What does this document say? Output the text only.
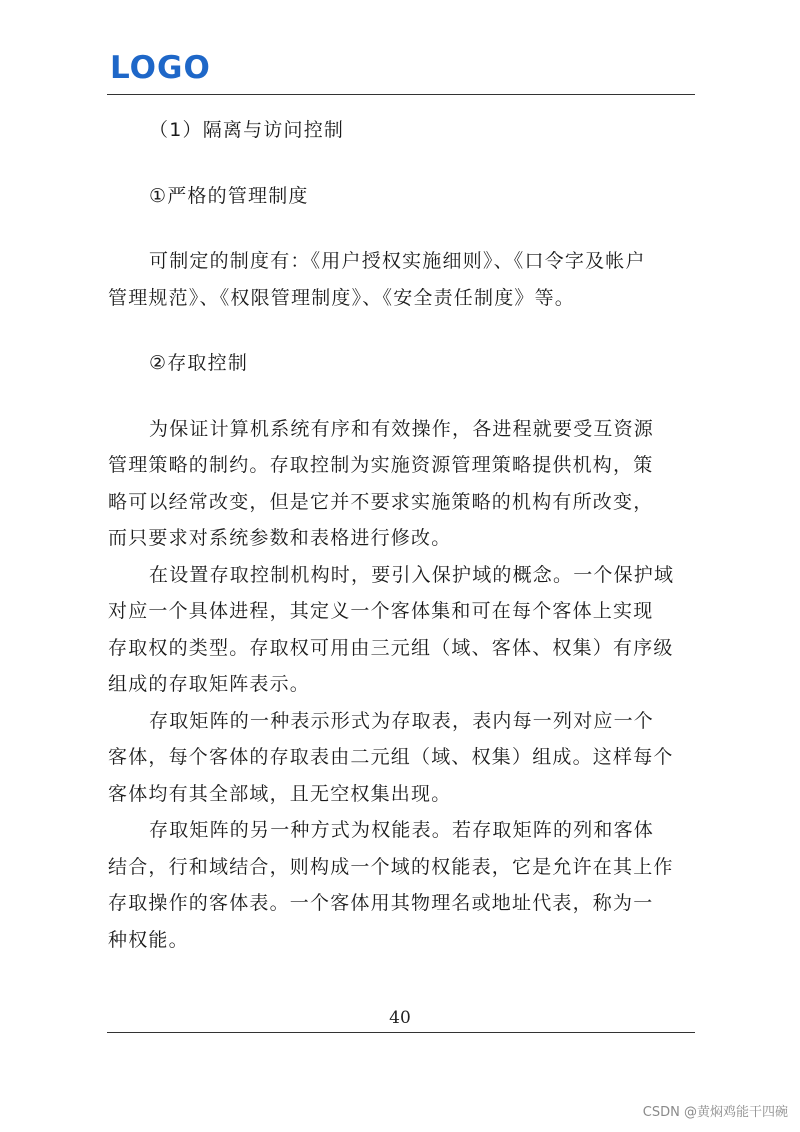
LOGO
（1）隔离与访问控制
①严格的管理制度
可制定的制度有：《用户授权实施细则》、《口令字及帐户
管理规范》、《权限管理制度》、《安全责任制度》等。
②存取控制
为保证计算机系统有序和有效操作，各进程就要受互资源
管理策略的制约。存取控制为实施资源管理策略提供机构，策
略可以经常改变，但是它并不要求实施策略的机构有所改变，
而只要求对系统参数和表格进行修改。
在设置存取控制机构时，要引入保护域的概念。一个保护域
对应一个具体进程，其定义一个客体集和可在每个客体上实现
存取权的类型。存取权可用由三元组（域、客体、权集）有序级
组成的存取矩阵表示。
存取矩阵的一种表示形式为存取表，表内每一列对应一个
客体，每个客体的存取表由二元组（域、权集）组成。这样每个
客体均有其全部域，且无空权集出现。
存取矩阵的另一种方式为权能表。若存取矩阵的列和客体
结合，行和域结合，则构成一个域的权能表，它是允许在其上作
存取操作的客体表。一个客体用其物理名或地址代表，称为一
种权能。
40
CSDN @黄焖鸡能干四碗
